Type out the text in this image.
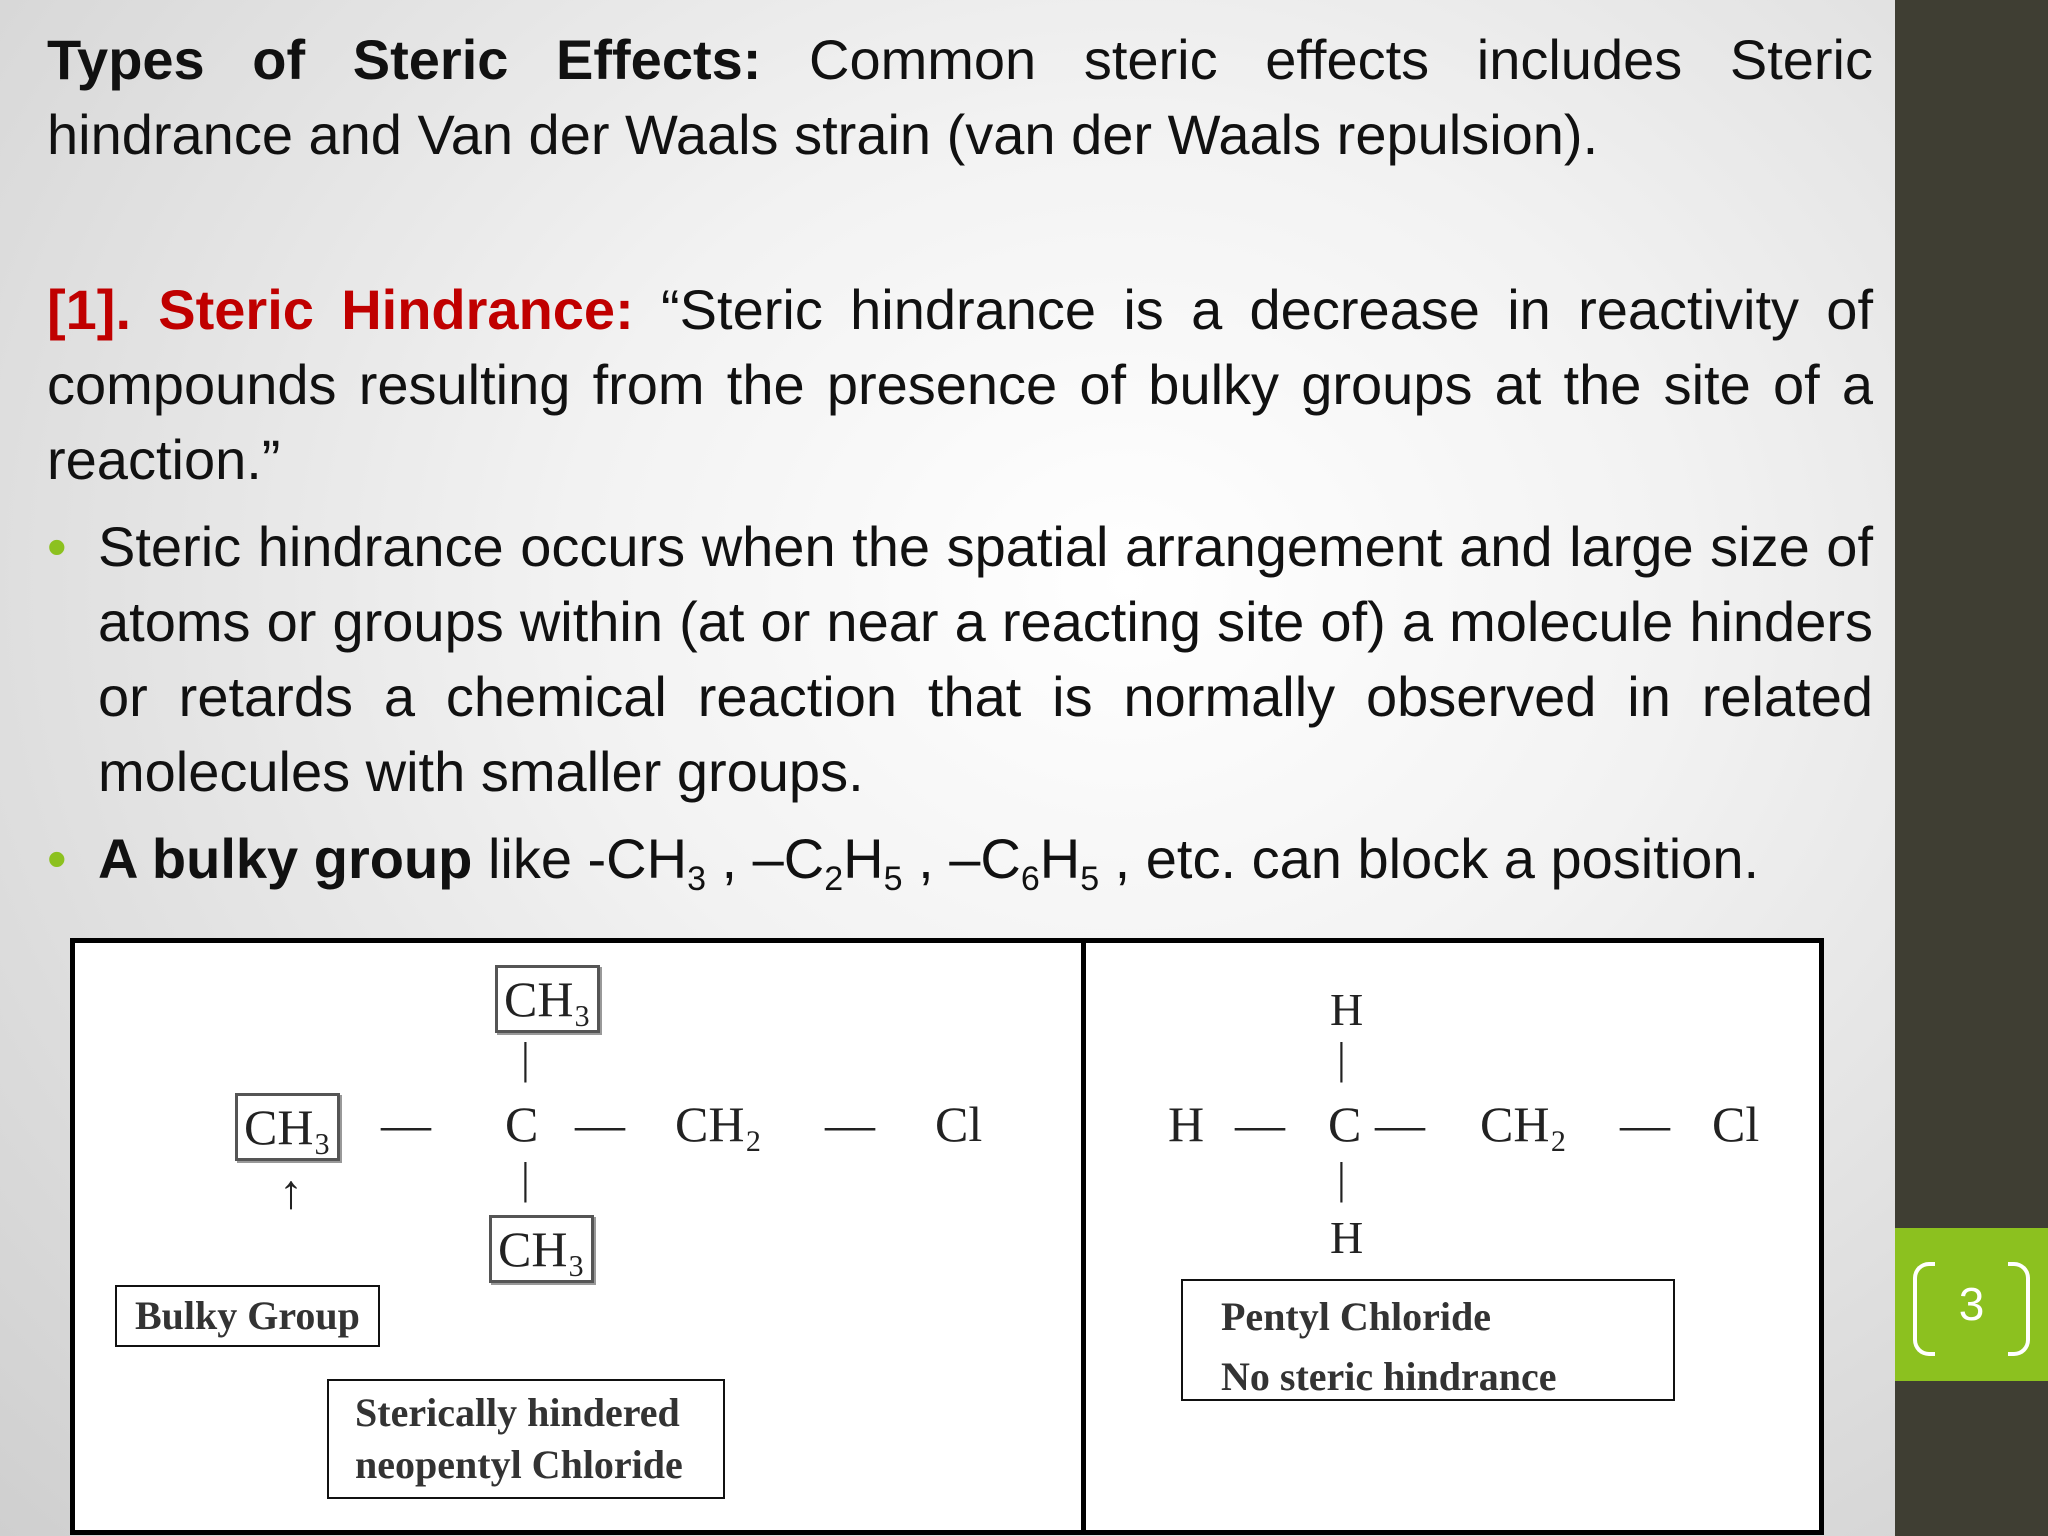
3
Types of Steric Effects: Common steric effects includes Steric hindrance and Van der Waals strain (van der Waals repulsion).
[1]. Steric Hindrance: “Steric hindrance is a decrease in reactivity of compounds resulting from the presence of bulky groups at the site of a reaction.”
• Steric hindrance occurs when the spatial arrangement and large size of atoms or groups within (at or near a reacting site of) a molecule hinders or retards a chemical reaction that is normally observed in related molecules with smaller groups.
• A bulky group like $-CH_3$ , $-C_2H_5$ , $-C_6H_5$ , etc. can block a position.
CH₃
|
CH₃ — C — CH₂ — Cl
|
CH₃
↑
Bulky Group
Sterically hindered
neopentyl Chloride
H
|
H — C — CH₂ — Cl
|
H
Pentyl Chloride
No steric hindrance
